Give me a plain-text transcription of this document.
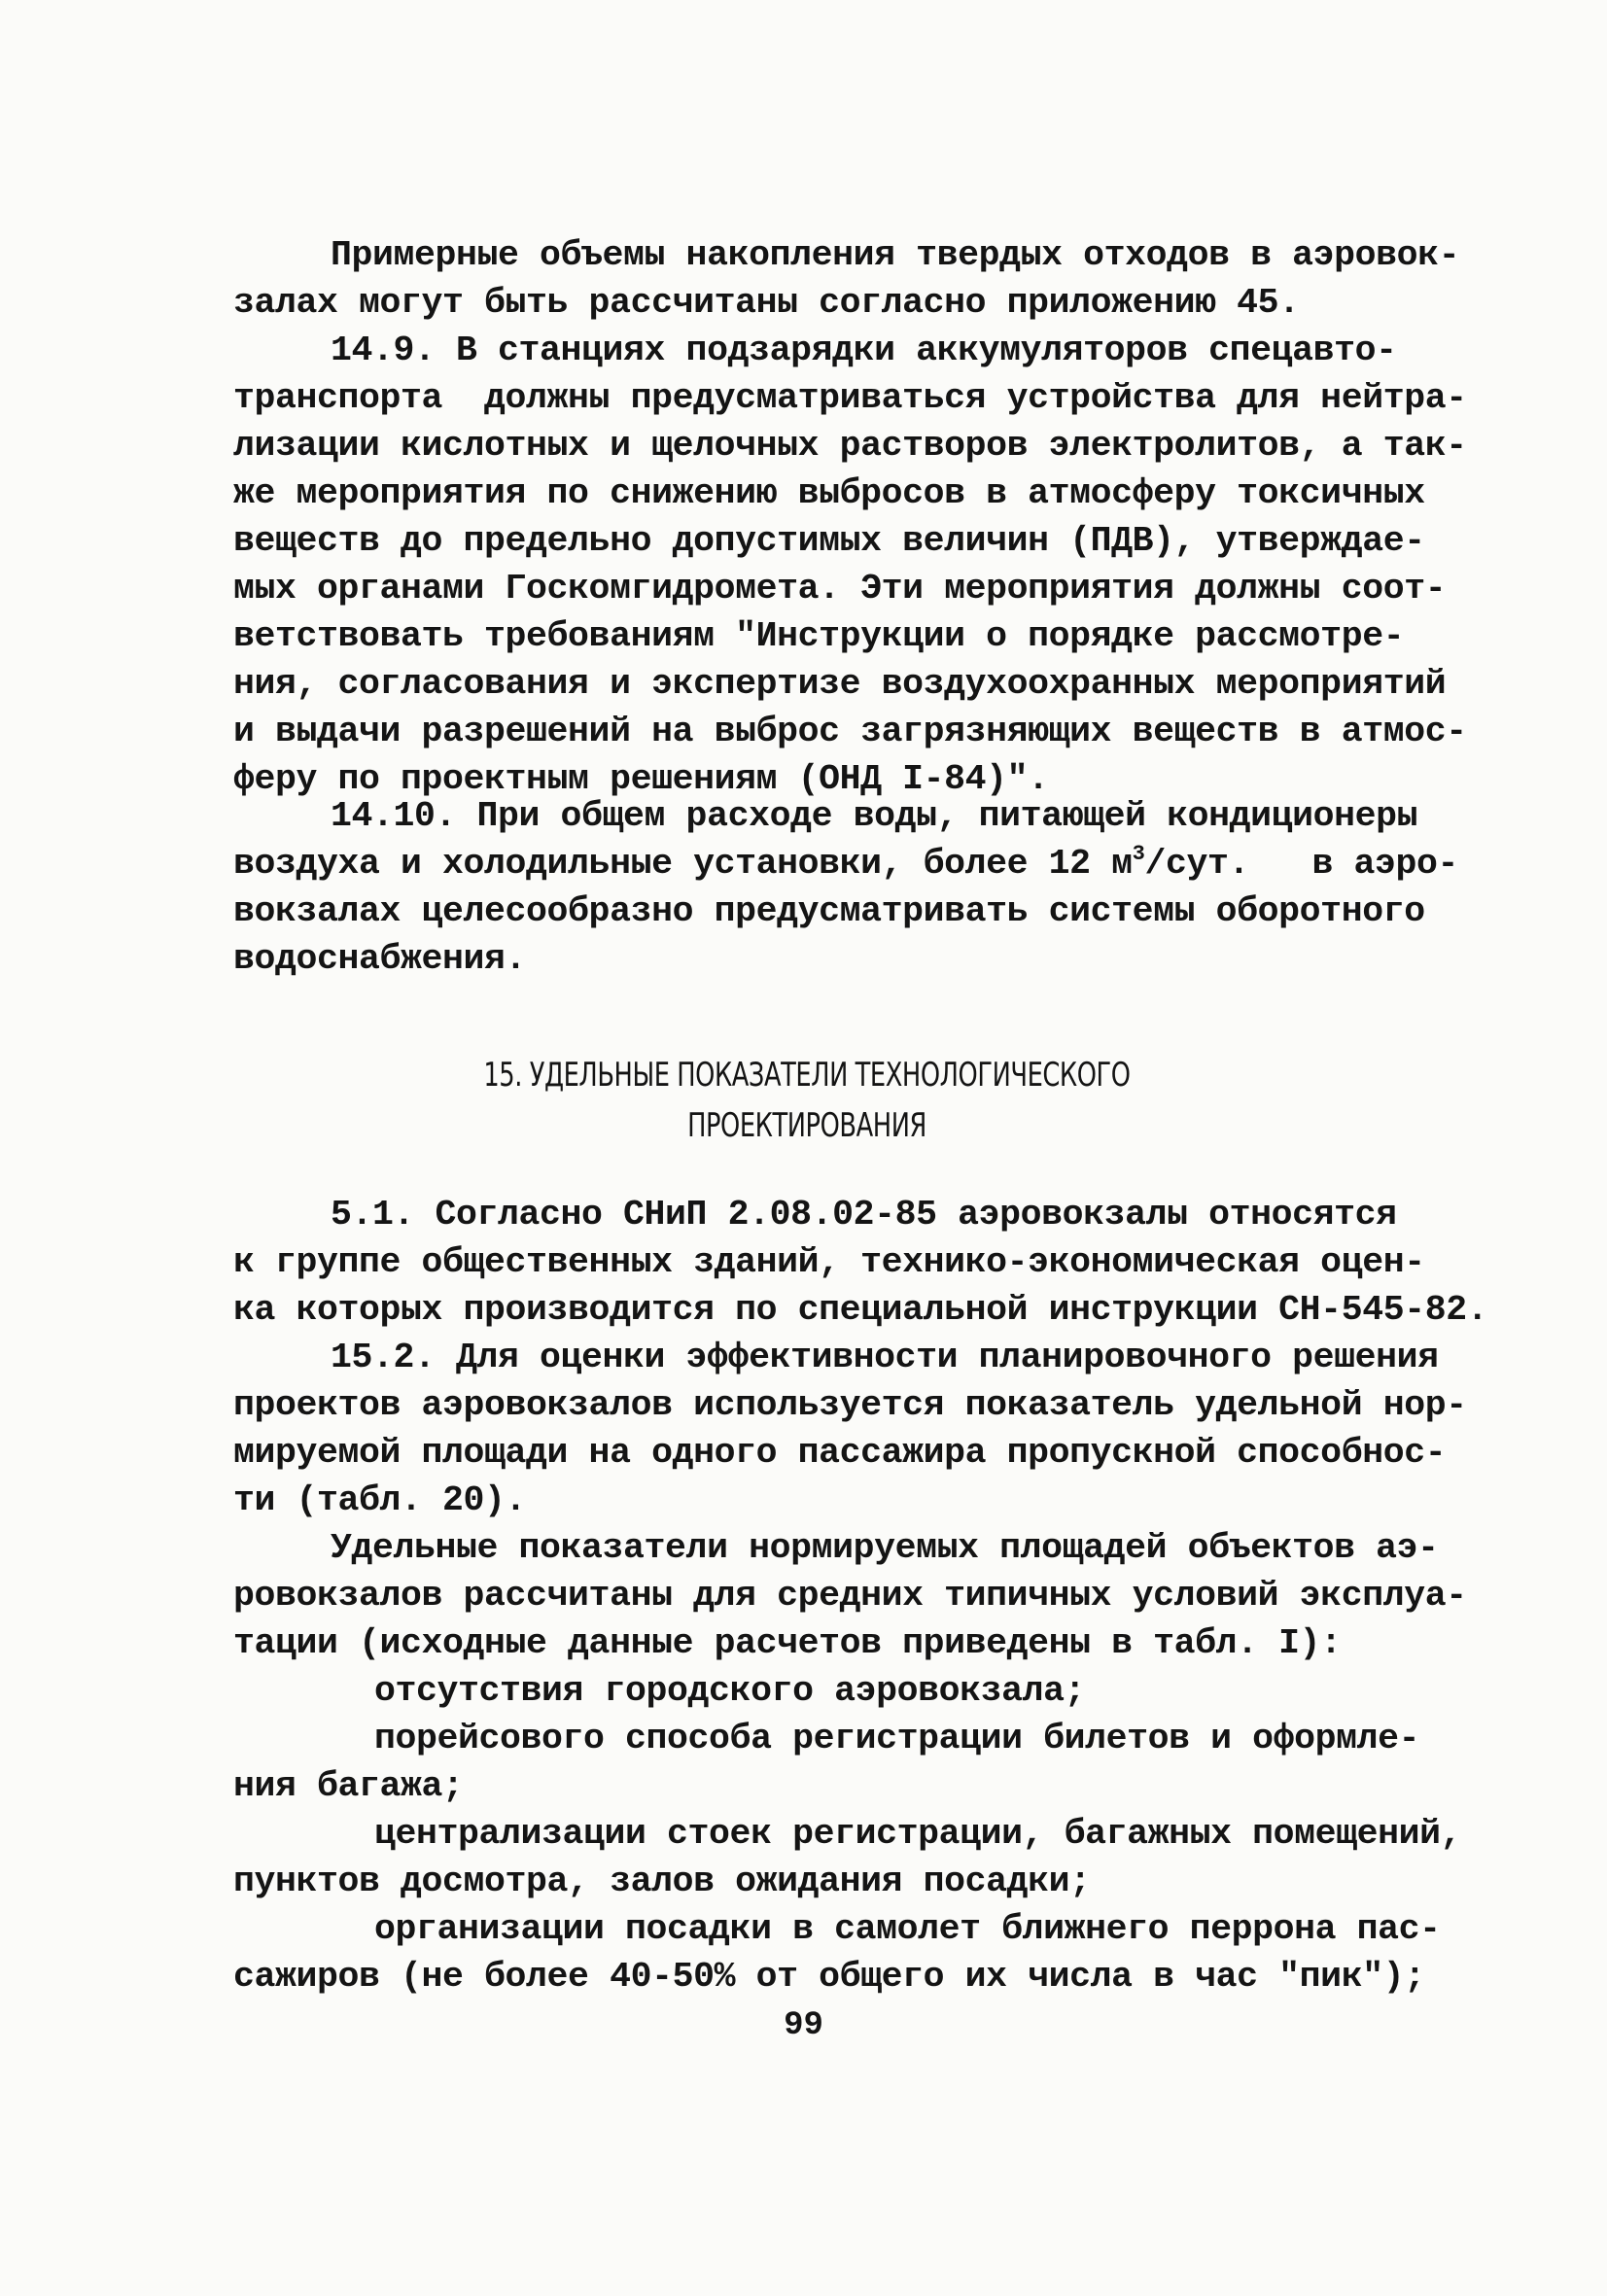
Примерные объемы накопления твердых отходов в аэровок-
залах могут быть рассчитаны согласно приложению 45.
14.9. В станциях подзарядки аккумуляторов спецавто-
транспорта  должны предусматриваться устройства для нейтра-
лизации кислотных и щелочных растворов электролитов, а так-
же мероприятия по снижению выбросов в атмосферу токсичных
веществ до предельно допустимых величин (ПДВ), утверждае-
мых органами Госкомгидромета. Эти мероприятия должны соот-
ветствовать требованиям "Инструкции о порядке рассмотре-
ния, согласования и экспертизе воздухоохранных мероприятий
и выдачи разрешений на выброс загрязняющих веществ в атмос-
феру по проектным решениям (ОНД I-84)".
14.10. При общем расходе воды, питающей кондиционеры
воздуха и холодильные установки, более 12 $м^3$/сут.   в аэро-
вокзалах целесообразно предусматривать системы оборотного
водоснабжения.
15. УДЕЛЬНЫЕ ПОКАЗАТЕЛИ ТЕХНОЛОГИЧЕСКОГО
ПРОЕКТИРОВАНИЯ
5.1. Согласно СНиП 2.08.02-85 аэровокзалы относятся
к группе общественных зданий, технико-экономическая оцен-
ка которых производится по специальной инструкции СН-545-82.
15.2. Для оценки эффективности планировочного решения
проектов аэровокзалов используется показатель удельной нор-
мируемой площади на одного пассажира пропускной способнос-
ти (табл. 20).
Удельные показатели нормируемых площадей объектов аэ-
ровокзалов рассчитаны для средних типичных условий эксплуа-
тации (исходные данные расчетов приведены в табл. I):
отсутствия городского аэровокзала;
порейсового способа регистрации билетов и оформле-
ния багажа;
централизации стоек регистрации, багажных помещений,
пунктов досмотра, залов ожидания посадки;
организации посадки в самолет ближнего перрона пас-
сажиров (не более 40-50% от общего их числа в час "пик");
99
